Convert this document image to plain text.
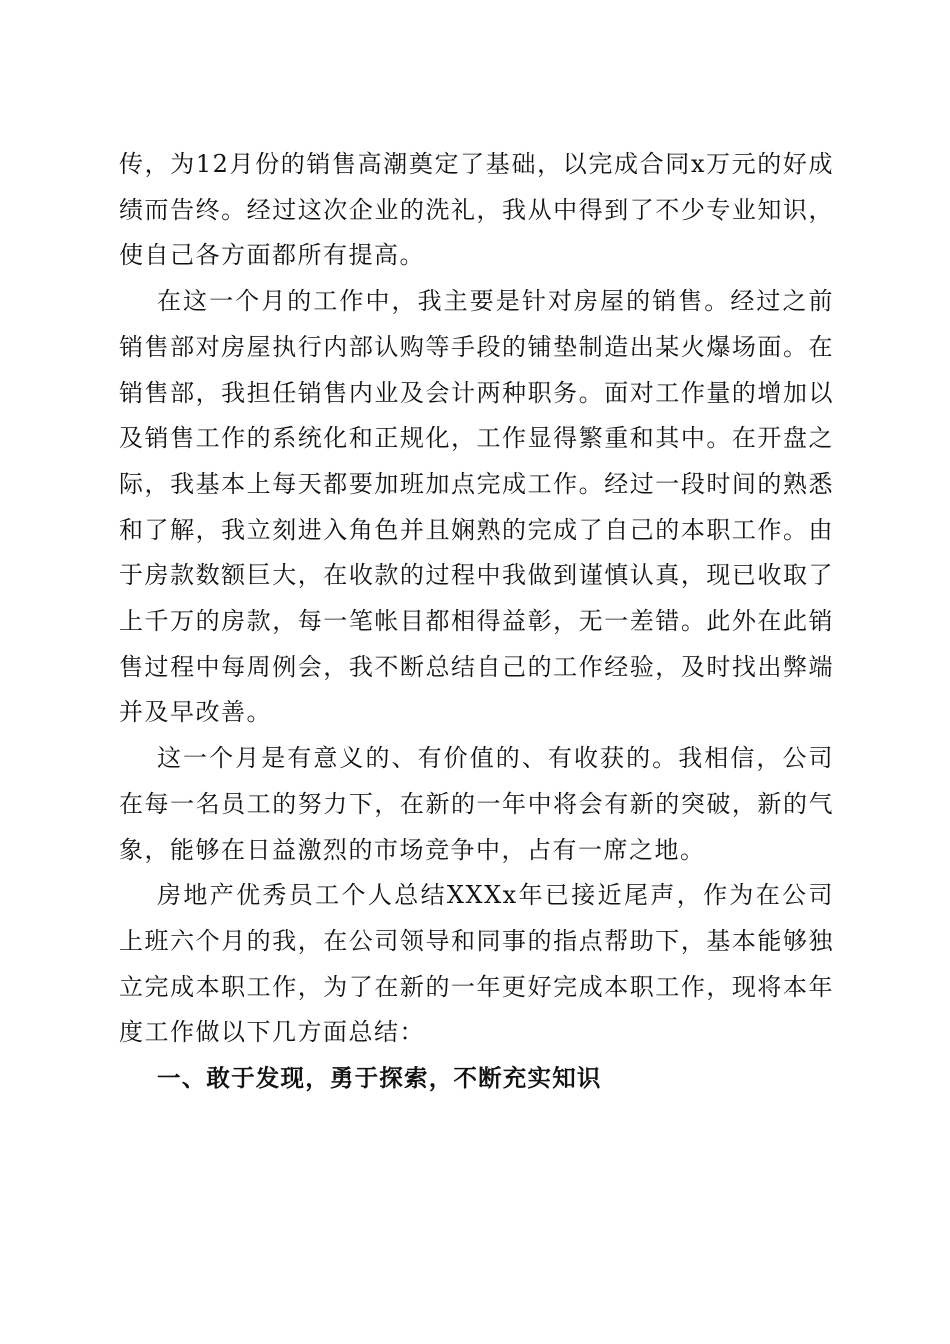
传，为12月份的销售高潮奠定了基础，以完成合同x万元的好成绩而告终。经过这次企业的洗礼，我从中得到了不少专业知识，使自己各方面都所有提高。

在这一个月的工作中，我主要是针对房屋的销售。经过之前销售部对房屋执行内部认购等手段的铺垫制造出某火爆场面。在销售部，我担任销售内业及会计两种职务。面对工作量的增加以及销售工作的系统化和正规化，工作显得繁重和其中。在开盘之际，我基本上每天都要加班加点完成工作。经过一段时间的熟悉和了解，我立刻进入角色并且娴熟的完成了自己的本职工作。由于房款数额巨大，在收款的过程中我做到谨慎认真，现已收取了上千万的房款，每一笔帐目都相得益彰，无一差错。此外在此销售过程中每周例会，我不断总结自己的工作经验，及时找出弊端并及早改善。

这一个月是有意义的、有价值的、有收获的。我相信，公司在每一名员工的努力下，在新的一年中将会有新的突破，新的气象，能够在日益激烈的市场竞争中，占有一席之地。

房地产优秀员工个人总结XXXx年已接近尾声，作为在公司上班六个月的我，在公司领导和同事的指点帮助下，基本能够独立完成本职工作，为了在新的一年更好完成本职工作，现将本年度工作做以下几方面总结：

一、敢于发现，勇于探索，不断充实知识
